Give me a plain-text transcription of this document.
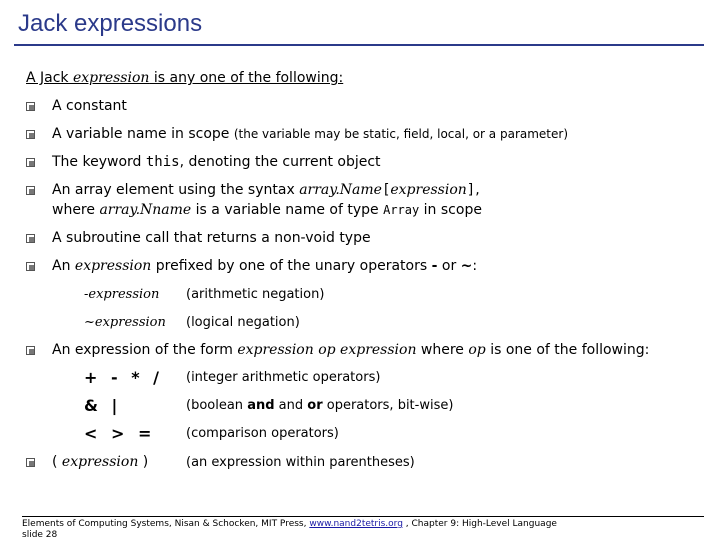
Jack expressions
A Jack expression is any one of the following:
A constant
A variable name in scope (the variable may be static, field, local, or a parameter)
The keyword this, denoting the current object
An array element using the syntax array.Name[expression],
where array.Nname is a variable name of type Array in scope
A subroutine call that returns a non-void type
An expression prefixed by one of the unary operators - or ~:
-expression (arithmetic negation)
~expression (logical negation)
An expression of the form expression op expression where op is one of the following:
+ - * / (integer arithmetic operators)
& |	(boolean and and or operators, bit-wise)
< > = (comparison operators)
( expression )	(an expression within parentheses)
Elements of Computing Systems, Nisan & Schocken, MIT Press, www.nand2tetris.org , Chapter 9: High-Level Language
slide 28
